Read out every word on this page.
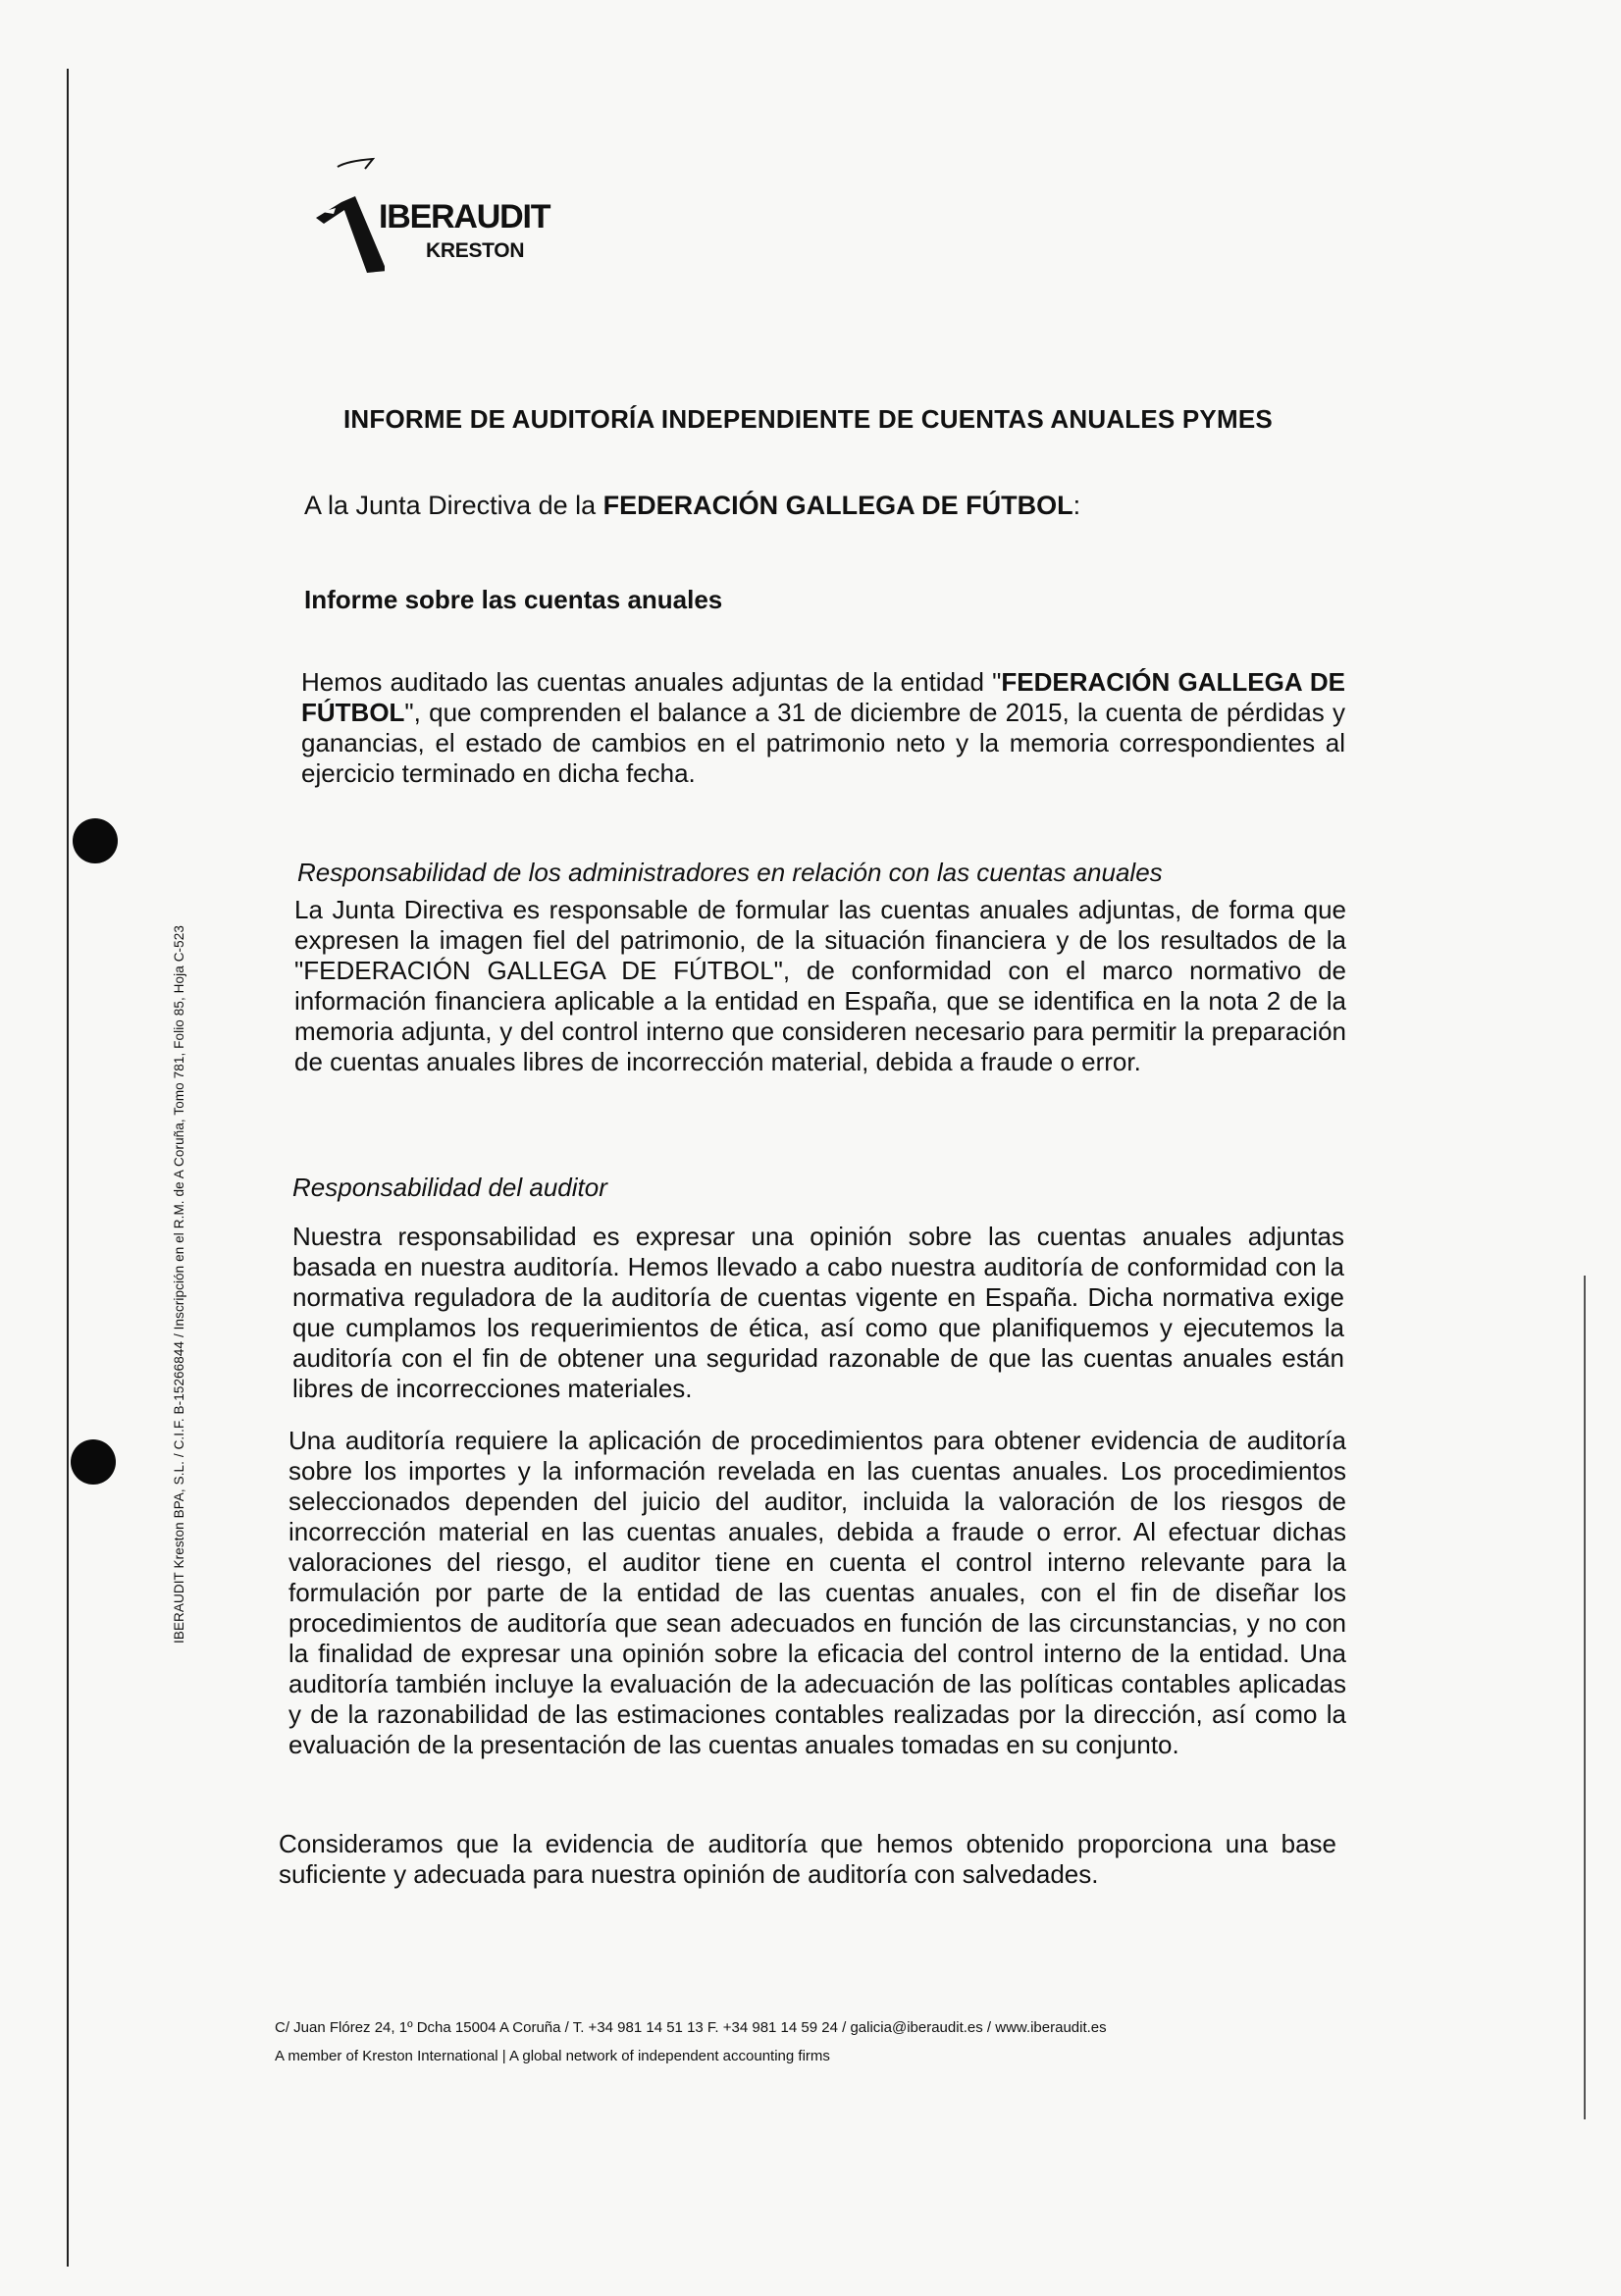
IBERAUDIT Kreston BPA, S.L. / C.I.F. B-15266844 / Inscripción en el R.M. de A Coruña, Tomo 781, Folio 85, Hoja C-523
IBERAUDIT
KRESTON
INFORME DE AUDITORÍA INDEPENDIENTE DE CUENTAS ANUALES PYMES
A la Junta Directiva de la FEDERACIÓN GALLEGA DE FÚTBOL:
Informe sobre las cuentas anuales
Hemos auditado las cuentas anuales adjuntas de la entidad "FEDERACIÓN GALLEGA DE FÚTBOL", que comprenden el balance a 31 de diciembre de 2015, la cuenta de pérdidas y ganancias, el estado de cambios en el patrimonio neto y la memoria correspondientes al ejercicio terminado en dicha fecha.
Responsabilidad de los administradores en relación con las cuentas anuales
La Junta Directiva es responsable de formular las cuentas anuales adjuntas, de forma que expresen la imagen fiel del patrimonio, de la situación financiera y de los resultados de la "FEDERACIÓN GALLEGA DE FÚTBOL", de conformidad con el marco normativo de información financiera aplicable a la entidad en España, que se identifica en la nota 2 de la memoria adjunta, y del control interno que consideren necesario para permitir la preparación de cuentas anuales libres de incorrección material, debida a fraude o error.
Responsabilidad del auditor
Nuestra responsabilidad es expresar una opinión sobre las cuentas anuales adjuntas basada en nuestra auditoría. Hemos llevado a cabo nuestra auditoría de conformidad con la normativa reguladora de la auditoría de cuentas vigente en España. Dicha normativa exige que cumplamos los requerimientos de ética, así como que planifiquemos y ejecutemos la auditoría con el fin de obtener una seguridad razonable de que las cuentas anuales están libres de incorrecciones materiales.
Una auditoría requiere la aplicación de procedimientos para obtener evidencia de auditoría sobre los importes y la información revelada en las cuentas anuales. Los procedimientos seleccionados dependen del juicio del auditor, incluida la valoración de los riesgos de incorrección material en las cuentas anuales, debida a fraude o error. Al efectuar dichas valoraciones del riesgo, el auditor tiene en cuenta el control interno relevante para la formulación por parte de la entidad de las cuentas anuales, con el fin de diseñar los procedimientos de auditoría que sean adecuados en función de las circunstancias, y no con la finalidad de expresar una opinión sobre la eficacia del control interno de la entidad. Una auditoría también incluye la evaluación de la adecuación de las políticas contables aplicadas y de la razonabilidad de las estimaciones contables realizadas por la dirección, así como la evaluación de la presentación de las cuentas anuales tomadas en su conjunto.
Consideramos que la evidencia de auditoría que hemos obtenido proporciona una base suficiente y adecuada para nuestra opinión de auditoría con salvedades.
C/ Juan Flórez 24, 1º Dcha 15004 A Coruña / T. +34 981 14 51 13 F. +34 981 14 59 24 / galicia@iberaudit.es / www.iberaudit.es
A member of Kreston International | A global network of independent accounting firms
